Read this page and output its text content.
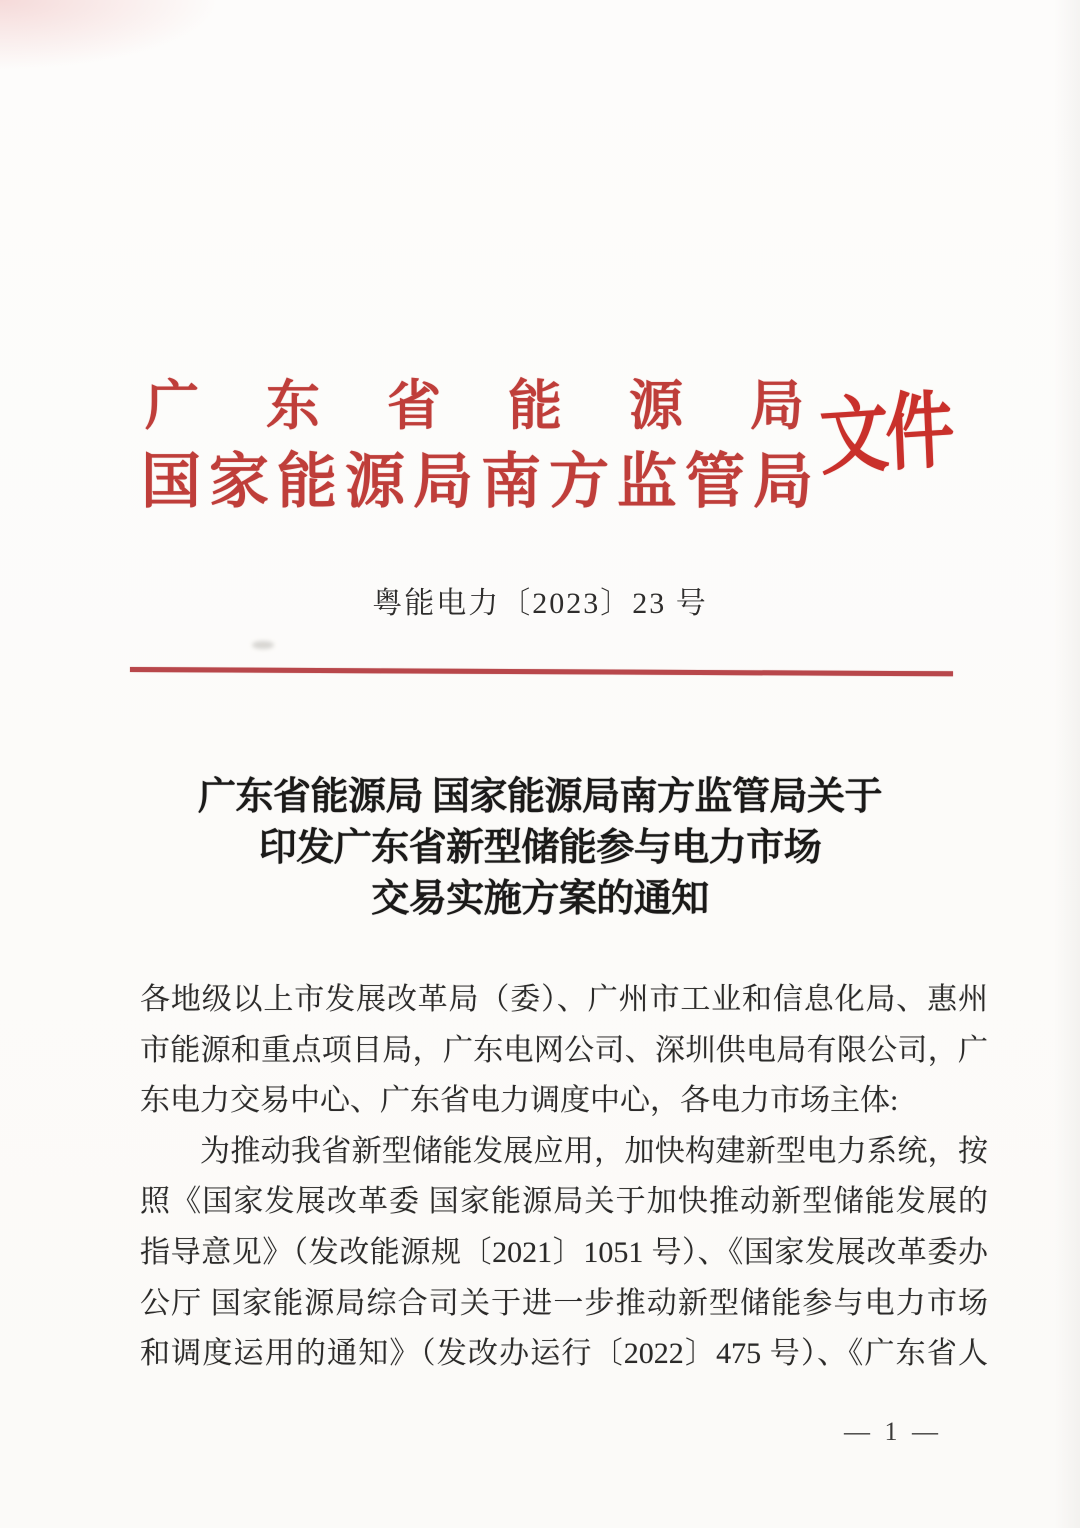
广东省能源局
国家能源局南方监管局
文件
粤能电力〔2023〕23 号
广东省能源局 国家能源局南方监管局关于
印发广东省新型储能参与电力市场
交易实施方案的通知
各地级以上市发展改革局（委）、广州市工业和信息化局、惠州
市能源和重点项目局，广东电网公司、深圳供电局有限公司，广
东电力交易中心、广东省电力调度中心，各电力市场主体:
为推动我省新型储能发展应用，加快构建新型电力系统，按
照《国家发展改革委 国家能源局关于加快推动新型储能发展的
指导意见》（发改能源规〔2021〕1051 号）、《国家发展改革委办
公厅 国家能源局综合司关于进一步推动新型储能参与电力市场
和调度运用的通知》（发改办运行〔2022〕475 号）、《广东省人
— 1 —
